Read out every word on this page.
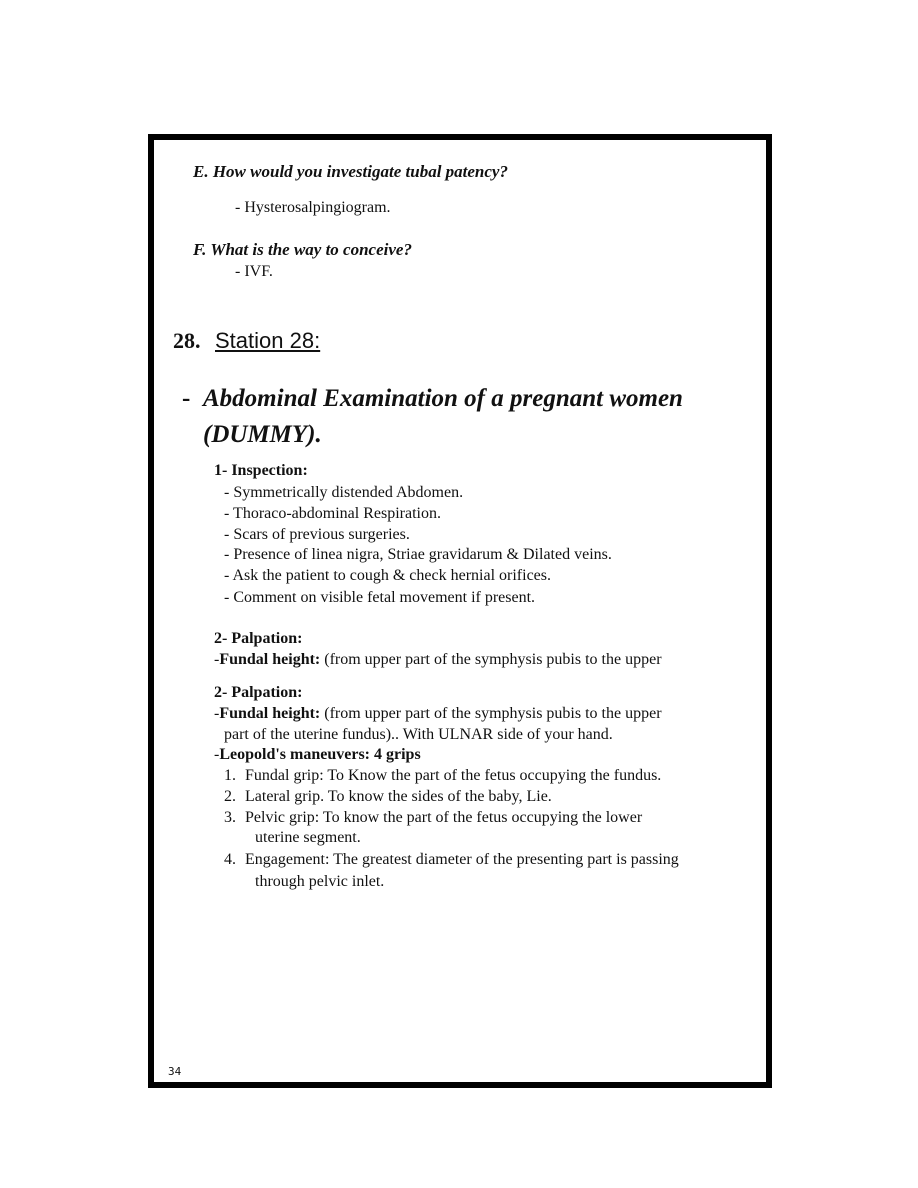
E. How would you investigate tubal patency?
- Hysterosalpingiogram.
F. What is the way to conceive?
- IVF.
28. Station 28:
- Abdominal Examination of a pregnant women
(DUMMY).
1- Inspection:
- Symmetrically distended Abdomen.
- Thoraco-abdominal Respiration.
- Scars of previous surgeries.
- Presence of linea nigra, Striae gravidarum & Dilated veins.
- Ask the patient to cough & check hernial orifices.
- Comment on visible fetal movement if present.
2- Palpation:
-Fundal height: (from upper part of the symphysis pubis to the upper
2- Palpation:
-Fundal height: (from upper part of the symphysis pubis to the upper
part of the uterine fundus).. With ULNAR side of your hand.
-Leopold's maneuvers: 4 grips
1. Fundal grip: To Know the part of the fetus occupying the fundus.
2. Lateral grip. To know the sides of the baby, Lie.
3. Pelvic grip: To know the part of the fetus occupying the lower
uterine segment.
4. Engagement: The greatest diameter of the presenting part is passing
through pelvic inlet.
34
